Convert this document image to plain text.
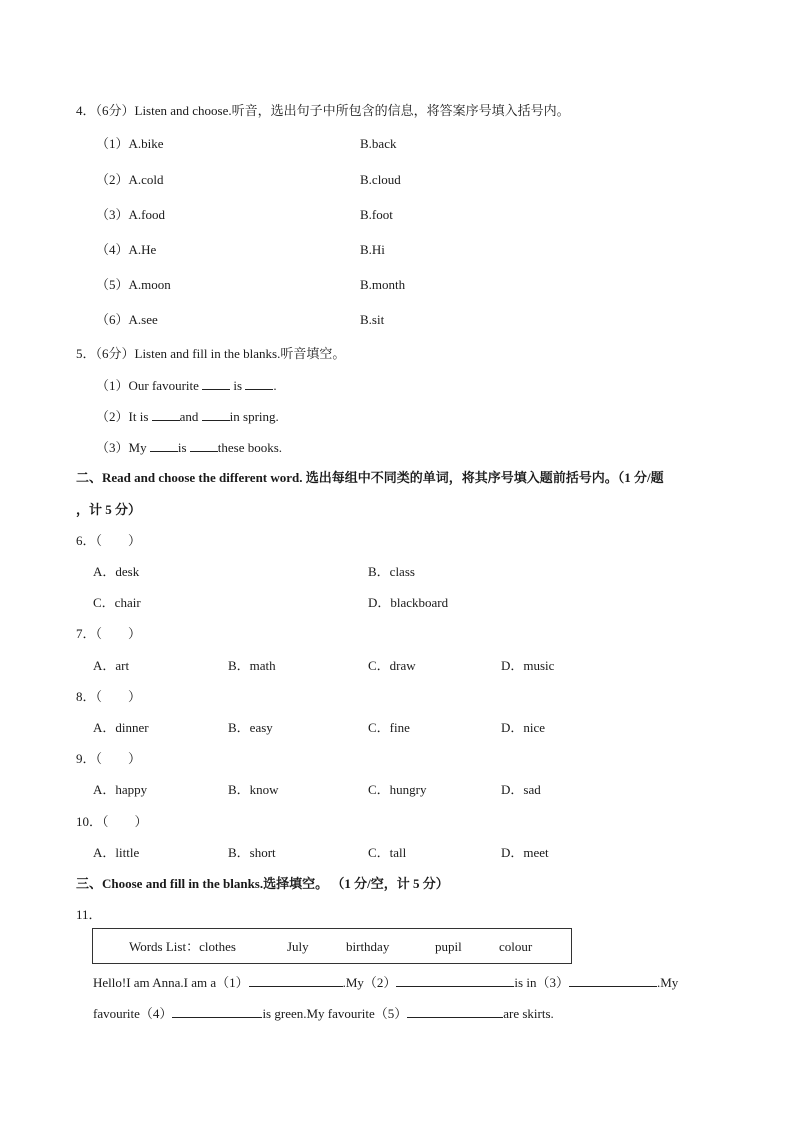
4．（6分）Listen and choose.听音，选出句子中所包含的信息，将答案序号填入括号内。
（1）A.bike	B.back
（2）A.cold	B.cloud
（3）A.food	B.foot
（4）A.He	B.Hi
（5）A.moon	B.month
（6）A.see	B.sit
5．（6分）Listen and fill in the blanks.听音填空。
（1）Our favourite  is .
（2）It is and in spring.
（3）My is these books.
二、Read and choose the different word. 选出每组中不同类的单词，将其序号填入题前括号内。（1 分/题
，计 5 分）
6．（　　）
A．desk	B．class
C．chair	D．blackboard
7．（　　）
A．art	B．math	C．draw	D．music
8．（　　）
A．dinner	B．easy	C．fine	D．nice
9．（　　）
A．happy	B．know	C．hungry	D．sad
10．（　　）
A．little	B．short	C．tall	D．meet
三、Choose and fill in the blanks.选择填空。 （1 分/空，计 5 分）
11．
Words List：clothes	July	birthday	pupil	colour
Hello!I am Anna.I am a（1）	.My（2）	is in（3）	.My
favourite（4）	is green.My favourite（5）	are skirts.
